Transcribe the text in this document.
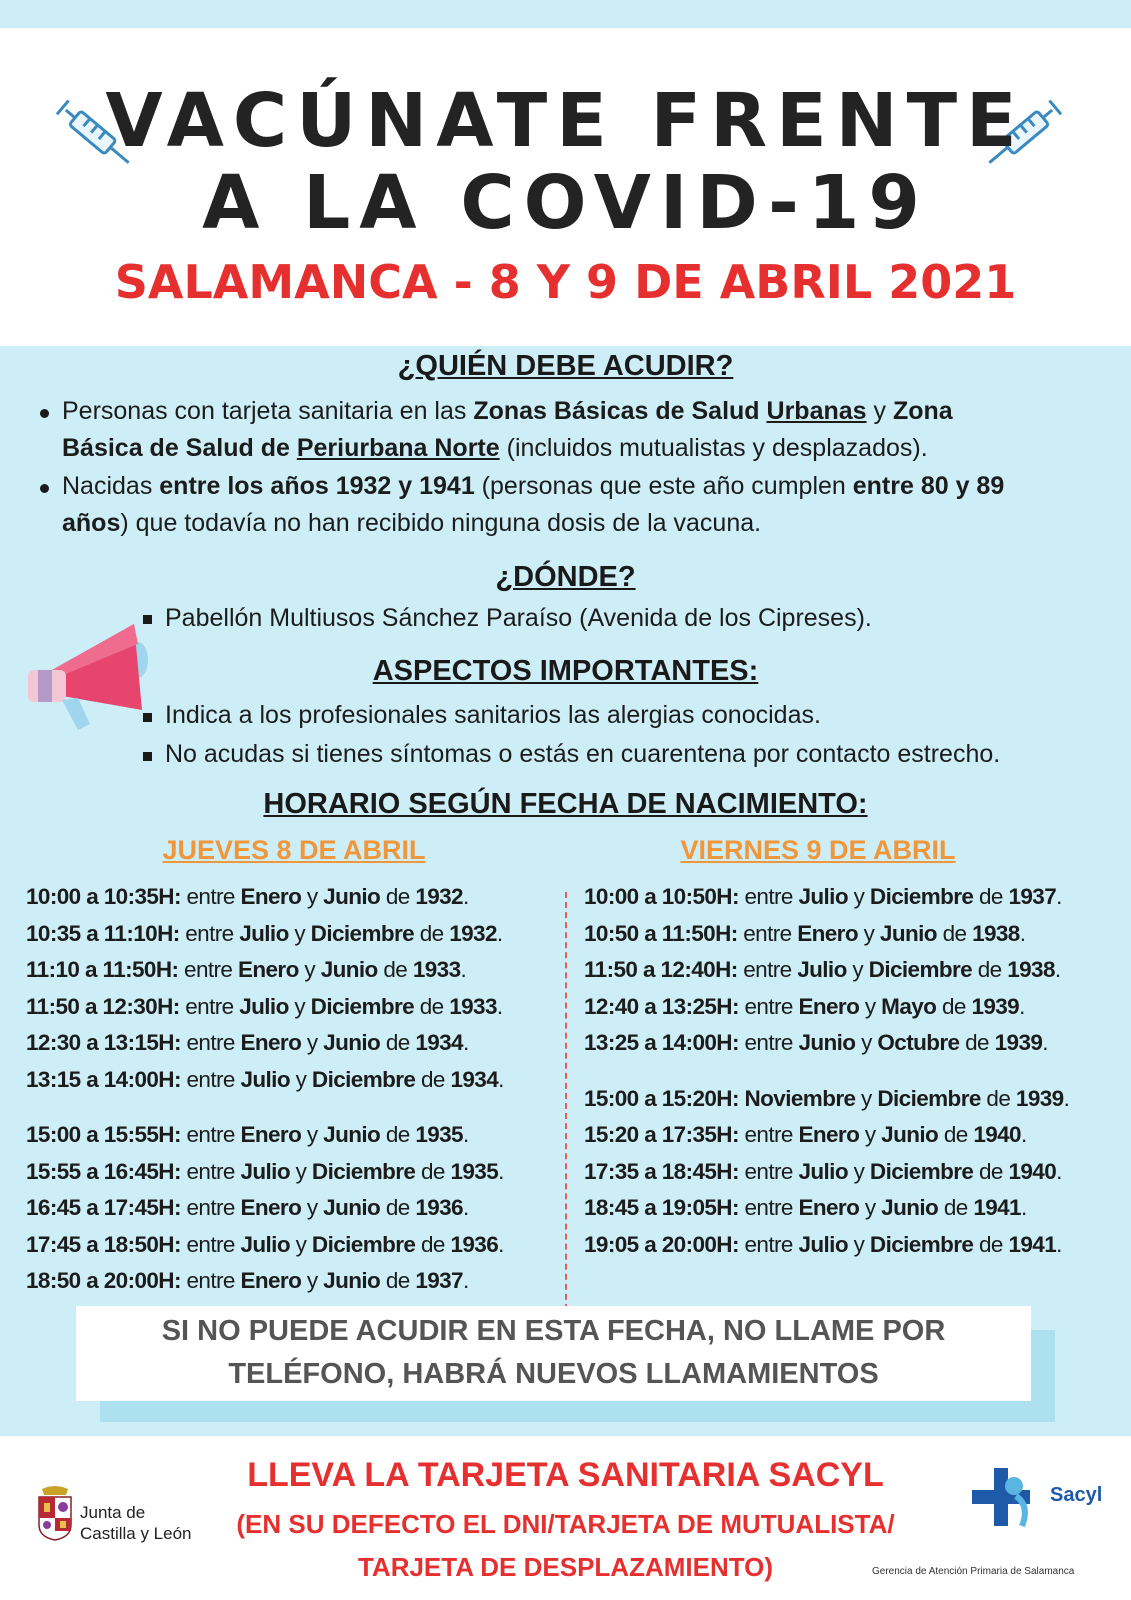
VACÚNATE FRENTE
A LA COVID-19
SALAMANCA - 8 Y 9 DE ABRIL 2021
¿QUIÉN DEBE ACUDIR?
Personas con tarjeta sanitaria en las Zonas Básicas de Salud Urbanas y Zona
Básica de Salud de Periurbana Norte (incluidos mutualistas y desplazados).
Nacidas entre los años 1932 y 1941 (personas que este año cumplen entre 80 y 89
años) que todavía no han recibido ninguna dosis de la vacuna.
¿DÓNDE?
Pabellón Multiusos Sánchez Paraíso (Avenida de los Cipreses).
ASPECTOS IMPORTANTES:
Indica a los profesionales sanitarios las alergias conocidas.
No acudas si tienes síntomas o estás en cuarentena por contacto estrecho.
HORARIO SEGÚN FECHA DE NACIMIENTO:
JUEVES 8 DE ABRIL	VIERNES 9 DE ABRIL
10:00 a 10:35H: entre Enero y Junio de 1932.
10:35 a 11:10H: entre Julio y Diciembre de 1932.
11:10 a 11:50H: entre Enero y Junio de 1933.
11:50 a 12:30H: entre Julio y Diciembre de 1933.
12:30 a 13:15H: entre Enero y Junio de 1934.
13:15 a 14:00H: entre Julio y Diciembre de 1934.
15:00 a 15:55H: entre Enero y Junio de 1935.
15:55 a 16:45H: entre Julio y Diciembre de 1935.
16:45 a 17:45H: entre Enero y Junio de 1936.
17:45 a 18:50H: entre Julio y Diciembre de 1936.
18:50 a 20:00H: entre Enero y Junio de 1937.
10:00 a 10:50H: entre Julio y Diciembre de 1937.
10:50 a 11:50H: entre Enero y Junio de 1938.
11:50 a 12:40H: entre Julio y Diciembre de 1938.
12:40 a 13:25H: entre Enero y Mayo de 1939.
13:25 a 14:00H: entre Junio y Octubre de 1939.
15:00 a 15:20H: Noviembre y Diciembre de 1939.
15:20 a 17:35H: entre Enero y Junio de 1940.
17:35 a 18:45H: entre Julio y Diciembre de 1940.
18:45 a 19:05H: entre Enero y Junio de 1941.
19:05 a 20:00H: entre Julio y Diciembre de 1941.
SI NO PUEDE ACUDIR EN ESTA FECHA, NO LLAME POR
TELÉFONO, HABRÁ NUEVOS LLAMAMIENTOS
LLEVA LA TARJETA SANITARIA SACYL
(EN SU DEFECTO EL DNI/TARJETA DE MUTUALISTA/
TARJETA DE DESPLAZAMIENTO)
Junta de
Castilla y León
Sacyl
Gerencia de Atención Primaria de Salamanca
